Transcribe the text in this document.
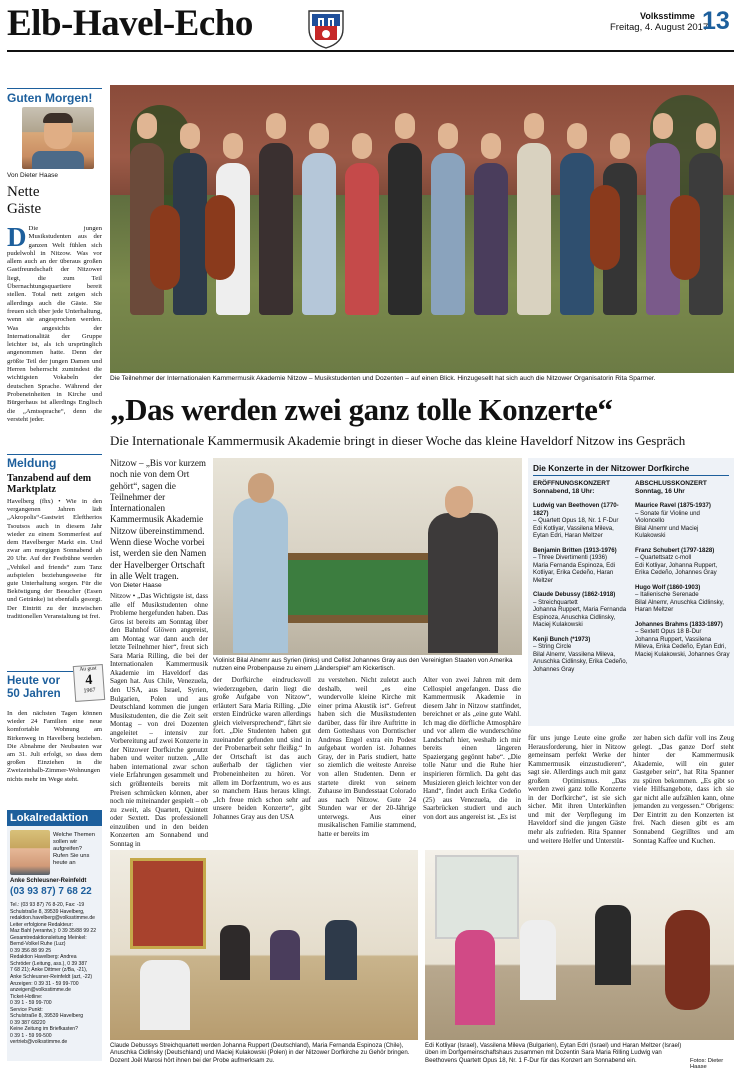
Elb-Havel-Echo	Volksstimme
Freitag, 4. August 2017
13
Guten Morgen!
Von Dieter Haase
Nette
Gäste
D Die jungen Musikstudenten aus der ganzen Welt fühlen sich pudelwohl in Nitzow. Was vor allem auch an der überaus großen Gastfreundschaft der Nitzower liegt, die zum Teil Übernachtungsquartiere bereit stellen. Total nett zeigen sich allerdings auch die Gäste. Sie freuen sich über jede Unterhaltung, wenn sie angesprochen werden. Was angesichts der Internationalität der Gruppe leichter ist, als ich ursprünglich angenommen hatte. Denn der größte Teil der jungen Damen und Herren beherrscht zumindest die wichtigsten Vokabeln der deutschen Sprache. Während der Probeneinheiten in Kirche und Bürgerhaus ist allerdings Englisch die „Amtssprache“, denn die versteht jeder.
Meldung
Tanzabend auf dem Marktplatz
Havelberg (fhx) • Wie in den vergangenen Jahren lädt „Akropolis“-Gastwirt Eleftherios Tsoutsos auch in diesem Jahr wieder zu einem Sommerfest auf dem Havelberger Markt ein. Und zwar am morgigen Sonnabend ab 20 Uhr. Auf der Festbühne werden „Vehikel and friends“ zum Tanz aufspielen beziehungsweise für gute Unterhaltung sorgen. Für die Beköstigung der Besucher (Essen und Getränke) ist ebenfalls gesorgt. Der Eintritt zu der inzwischen traditionellen Veranstaltung ist frei.
Heute vor
50 Jahren
Au gust
4
1967
In den nächsten Tagen können wieder 24 Familien eine neue komfortable Wohnung am Birkenweg in Havelberg beziehen. Die Abnahme der Neubauten war am 31. Juli erfolgt, so dass dem großen Einziehen in die Zweizeinhalb-Zimmer-Wohnungen nichts mehr im Wege steht.
Lokalredaktion
Welche Themen sollen wir aufgreifen? Rufen Sie uns heute an
Anke Schleusner-Reinfeldt
(03 93 87) 7 68 22
Tel.: (03 93 87) 76 8-20, Fax: -19
Schulstraße 8, 39539 Havelberg,
redaktion.havelberg@volksstimme.de
Leiter erfolgione Redakteur:
Maz Bahl (verantw.): 0 39 35/88 99 22
Gesamtredaktionsleitung Meinkel:
Bernd-Volkel Ruhe (Luz)
0 39 356 88 99 25
Redaktion Havelberg: Andrea
Schröder (Leitung, ass.), 0 39 387
7 68 21); Anke Dittmer (z/Ba, -21),
Anke Schleusner-Reinfeldt (azt, -22)
Anzeigen: 0 39 31 - 59 99-700
anzeigen@volksstimme.de
Ticket-Hotline:
0 39 1 - 59 99-700
Service Punkt:
Schulstraße 8, 39539 Havelberg
0 39 387 68220
Keine Zeitung im Briefkasten?
0 39 1 - 59 99-500
vertrieb@volksstimme.de
Die Teilnehmer der Internationalen Kammermusik Akademie Nitzow – Musikstudenten und Dozenten – auf einen Blick. Hinzugesellt hat sich auch die Nitzower Organisatorin Rita Sparmer.
„Das werden zwei ganz tolle Konzerte“
Die Internationale Kammermusik Akademie bringt in dieser Woche das kleine Haveldorf Nitzow ins Gespräch
Nitzow – „Bis vor kurzem noch nie von dem Ort gehört“, sagen die Teilnehmer der Internationalen Kammermusik Akademie Nitzow übereinstimmend. Wenn diese Woche vorbei ist, werden sie den Namen der Havelberger Ortschaft in alle Welt tragen.
Von Dieter Haase
Nitzow • „Das Wichtigste ist, dass alle elf Musikstudenten ohne Probleme hergefunden haben. Das Gros ist bereits am Sonntag über den Bahnhof Glöwen angereist, am Montag war dann auch der letzte Teilnehmer hier“, freut sich Sara Maria Rilling, die bei der Internationalen Kammermusik Akademie im Haveldorf das Sagen hat. Aus Chile, Venezuela, den USA, aus Israel, Syrien, Bulgarien, Polen und aus Deutschland kommen die jungen Musikstudenten, die die Zeit seit Montag – von drei Dozenten angeleitet – intensiv zur Vorbereitung auf zwei Konzerte in der Nitzower Dorfkirche genutzt haben und weiter nutzen. „Alle haben international zwar schon viele Erfahrungen gesammelt und sich größtenteils bereits mit Preisen schmücken können, aber noch nie miteinander gespielt – ob zu zweit, als Quartett, Quintett oder Sextett. Das professionell einzuüben und in den beiden Konzerten am Sonnabend und Sonntag in
Violinist Bilal Alnemr aus Syrien (links) und Cellist Johannes Gray aus den Vereinigten Staaten von Amerika nutzen eine Probenpause zu einem „Länderspiel“ am Kickertisch.
der Dorfkirche eindrucksvoll wiederzugeben, darin liegt die große Aufgabe von Nitzow“, erläutert Sara Maria Rilling. „Die ersten Eindrücke waren allerdings gleich vielversprechend“, fährt sie fort. „Die Studenten haben gut zueinander gefunden und sind in der Probenarbeit sehr fleißig.“ In der Ortschaft ist das auch außerhalb der täglichen vier Probeneinheiten zu hören. Vor allem im Dorfzentrum, wo es aus so manchem Haus heraus klingt. „Ich freue mich schon sehr auf unsere beiden Konzerte“, gibt Johannes Gray aus den USA
zu verstehen. Nicht zuletzt auch deshalb, weil „es eine wundervolle kleine Kirche mit einer prima Akustik ist“. Gefreut haben sich die Musikstudenten darüber, dass für ihre Auftritte in dem Gotteshaus von Dorntischer Andreas Engel extra ein Podest aufgebaut worden ist. Johannes Gray, der in Paris studiert, hatte so ziemlich die weiteste Anreise von allen Studenten. Denn er startete direkt von seinem Zuhause im Bundesstaat Colorado aus nach Nitzow. Gute 24 Stunden war er der 20-Jährige unterwegs. Aus einer musikalischen Familie stammend, hatte er bereits im
Alter von zwei Jahren mit dem Cellospiel angefangen. Dass die Kammermusik Akademie in diesem Jahr in Nitzow stattfindet, bereichnet er als „eine gute Wahl. Ich mag die dörfliche Atmosphäre und vor allem die wunderschöne Landschaft hier, weshalb ich mir bereits einen längeren Spaziergang gegönnt habe“. „Die tolle Natur und die Ruhe hier inspirieren förmlich. Da geht das Musizieren gleich leichter von der Hand“, findet auch Erika Cedeño (25) aus Venezuela, die in Saarbrücken studiert und auch von dort aus angereist ist. „Es ist
Die Konzerte in der Nitzower Dorfkirche
ERÖFFNUNGSKONZERT
Sonnabend, 18 Uhr:
Ludwig van Beethoven (1770-1827)
– Quartett Opus 18, Nr. 1 F-Dur
Edi Kotliyar, Vassilena Mileva, Eytan Edri, Haran Meltzer
Benjamin Britten (1913-1976)
– Three Divertimenti (1936)
Maria Fernanda Espinoza, Edi Kotliyar, Erika Cedeño, Haran Meltzer
Claude Debussy (1862-1918)
– Streichquartett
Johanna Ruppert, Maria Fernanda Espinoza, Anuschka Cidlinsky, Maciej Kulakowski
Kenji Bunch (*1973)
– String Circle
Bilal Alnemr, Vassilena Mileva, Anuschka Cidlinsky, Erika Cedeño, Johannes Gray
ABSCHLUSSKONZERT
Sonntag, 16 Uhr
Maurice Ravel (1875-1937)
– Sonate für Violine und Violoncello
Bilal Alnemr und Maciej Kulakowski
Franz Schubert (1797-1828)
– Quartettsatz c-moll
Edi Kotliyar, Johanna Ruppert, Erika Cedeño, Johannes Gray
Hugo Wolf (1860-1903)
– Italienische Serenade
Bilal Alnemr, Anuschka Cidlinsky, Haran Meltzer
Johannes Brahms (1833-1897)
– Sextett Opus 18 B-Dur
Johanna Ruppert, Vassilena Mileva, Erika Cedeño, Eytan Edri, Maciej Kulakowski, Johannes Gray
für uns junge Leute eine große Herausforderung, hier in Nitzow gemeinsam perfekt Werke der Kammermusik einzustudieren“, sagt sie. Allerdings auch mit ganz großem Optimismus. „Das werden zwei ganz tolle Konzerte in der Dorfkirche“, ist sie sich sicher. Mit ihren Unterkünften und mit der Verpflegung im Haveldorf sind die jungen Gäste mehr als zufrieden. Rita Spanner und weitere Helfer und Unterstüt-
zer haben sich dafür voll ins Zeug gelegt. „Das ganze Dorf steht hinter der Kammermusik Akademie, will ein guter Gastgeber sein“, hat Rita Spanner zu spüren bekommen. „Es gibt so viele Hilfsangebote, dass ich sie gar nicht alle aufzählen kann, ohne jemanden zu vergessen.“ Obrigens: Der Eintritt zu den Konzerten ist frei. Nach diesen gibt es am Sonnabend Gegrilltes und am Sonntag Kaffee und Kuchen.
Claude Debussys Streichquartett werden Johanna Ruppert (Deutschland), Maria Fernanda Espinoza (Chile), Anuschka Cidlinsky (Deutschland) und Maciej Kulakowski (Polen) in der Nitzower Dorfkirche zu Gehör bringen. Dozent Joël Marosi hört ihnen bei der Probe aufmerksam zu.
Edi Kotliyar (Israel), Vassilena Mileva (Bulgarien), Eytan Edri (Israel) und Haran Meltzer (Israel) üben im Dorfgemeinschaftshaus zusammen mit Dozentin Sara Maria Rilling Ludwig van Beethovens Quartett Opus 18, Nr. 1 F-Dur für das Konzert am Sonnabend ein.	Fotos: Dieter Haase
